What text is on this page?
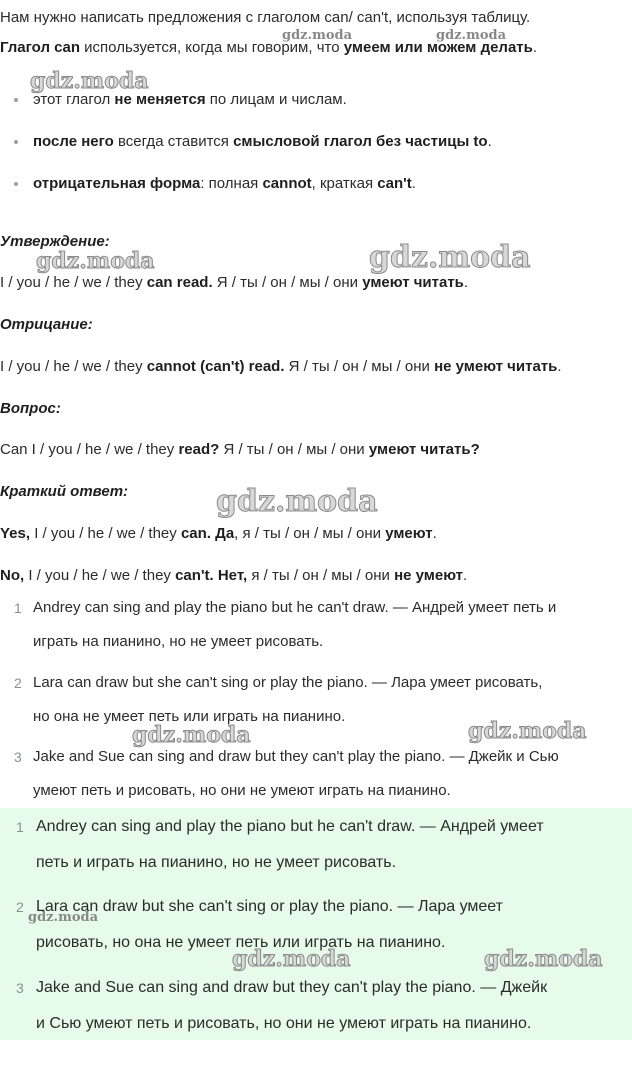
Нам нужно написать предложения с глаголом can/ can't, используя таблицу.
Глагол can используется, когда мы говорим, что умеем или можем делать.
этот глагол не меняется по лицам и числам.
после него всегда ставится смысловой глагол без частицы to.
отрицательная форма: полная cannot, краткая can't.
Утверждение:
I / you / he / we / they can read. Я / ты / он / мы / они умеют читать.
Отрицание:
I / you / he / we / they cannot (can't) read. Я / ты / он / мы / они не умеют читать.
Вопрос:
Can I / you / he / we / they read? Я / ты / он / мы / они умеют читать?
Краткий ответ:
Yes, I / you / he / we / they can. Да, я / ты / он / мы / они умеют.
No, I / you / he / we / they can't. Нет, я / ты / он / мы / они не умеют.
1 Andrey can sing and play the piano but he can't draw. — Андрей умеет петь и
играть на пианино, но не умеет рисовать.
2 Lara can draw but she can't sing or play the piano. — Лара умеет рисовать,
но она не умеет петь или играть на пианино.
3 Jake and Sue can sing and draw but they can't play the piano. — Джейк и Сью
умеют петь и рисовать, но они не умеют играть на пианино.
1 Andrey can sing and play the piano but he can't draw. — Андрей умеет
петь и играть на пианино, но не умеет рисовать.
2 Lara can draw but she can't sing or play the piano. — Лара умеет
рисовать, но она не умеет петь или играть на пианино.
3 Jake and Sue can sing and draw but they can't play the piano. — Джейк
и Сью умеют петь и рисовать, но они не умеют играть на пианино.
gdz.moda	gdz.moda
gdz.moda
gdz.moda	gdz.moda
gdz.moda
gdz.moda	gdz.moda
gdz.moda
gdz.moda	gdz.moda
